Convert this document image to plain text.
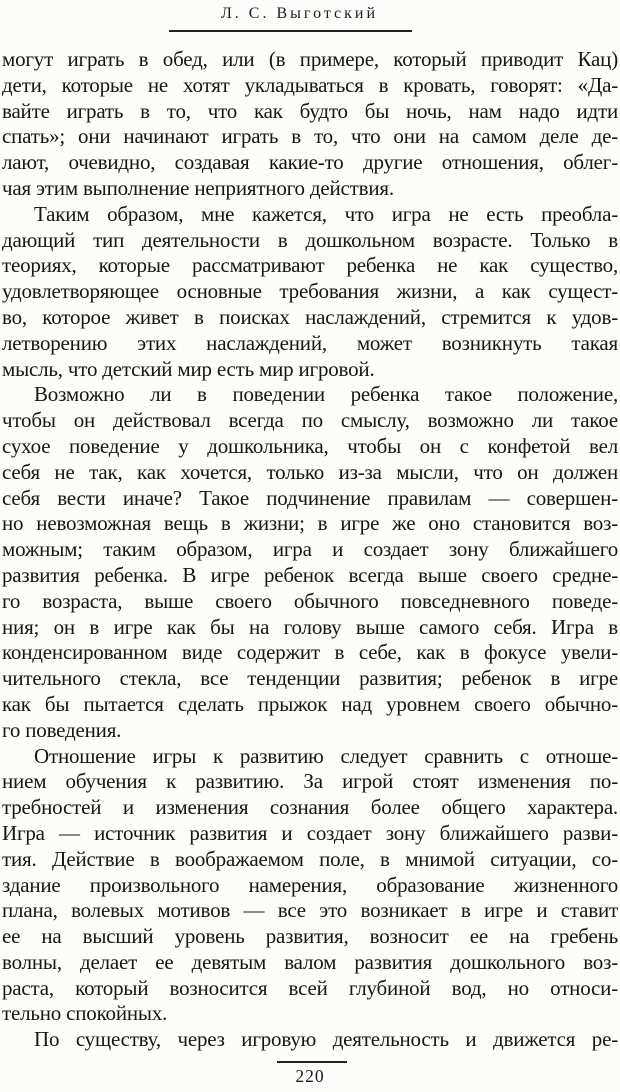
Л. С. Выготский
могут играть в обед, или (в примере, который приводит Кац)
дети, которые не хотят укладываться в кровать, говорят: «Да-
вайте играть в то, что как будто бы ночь, нам надо идти
спать»; они начинают играть в то, что они на самом деле де-
лают, очевидно, создавая какие-то другие отношения, облег-
чая этим выполнение неприятного действия.
Таким образом, мне кажется, что игра не есть преобла-
дающий тип деятельности в дошкольном возрасте. Только в
теориях, которые рассматривают ребенка не как существо,
удовлетворяющее основные требования жизни, а как сущест-
во, которое живет в поисках наслаждений, стремится к удов-
летворению этих наслаждений, может возникнуть такая
мысль, что детский мир есть мир игровой.
Возможно ли в поведении ребенка такое положение,
чтобы он действовал всегда по смыслу, возможно ли такое
сухое поведение у дошкольника, чтобы он с конфетой вел
себя не так, как хочется, только из-за мысли, что он должен
себя вести иначе? Такое подчинение правилам — совершен-
но невозможная вещь в жизни; в игре же оно становится воз-
можным; таким образом, игра и создает зону ближайшего
развития ребенка. В игре ребенок всегда выше своего средне-
го возраста, выше своего обычного повседневного поведе-
ния; он в игре как бы на голову выше самого себя. Игра в
конденсированном виде содержит в себе, как в фокусе увели-
чительного стекла, все тенденции развития; ребенок в игре
как бы пытается сделать прыжок над уровнем своего обычно-
го поведения.
Отношение игры к развитию следует сравнить с отноше-
нием обучения к развитию. За игрой стоят изменения по-
требностей и изменения сознания более общего характера.
Игра — источник развития и создает зону ближайшего разви-
тия. Действие в воображаемом поле, в мнимой ситуации, со-
здание произвольного намерения, образование жизненного
плана, волевых мотивов — все это возникает в игре и ставит
ее на высший уровень развития, возносит ее на гребень
волны, делает ее девятым валом развития дошкольного воз-
раста, который возносится всей глубиной вод, но относи-
тельно спокойных.
По существу, через игровую деятельность и движется ре-
220
